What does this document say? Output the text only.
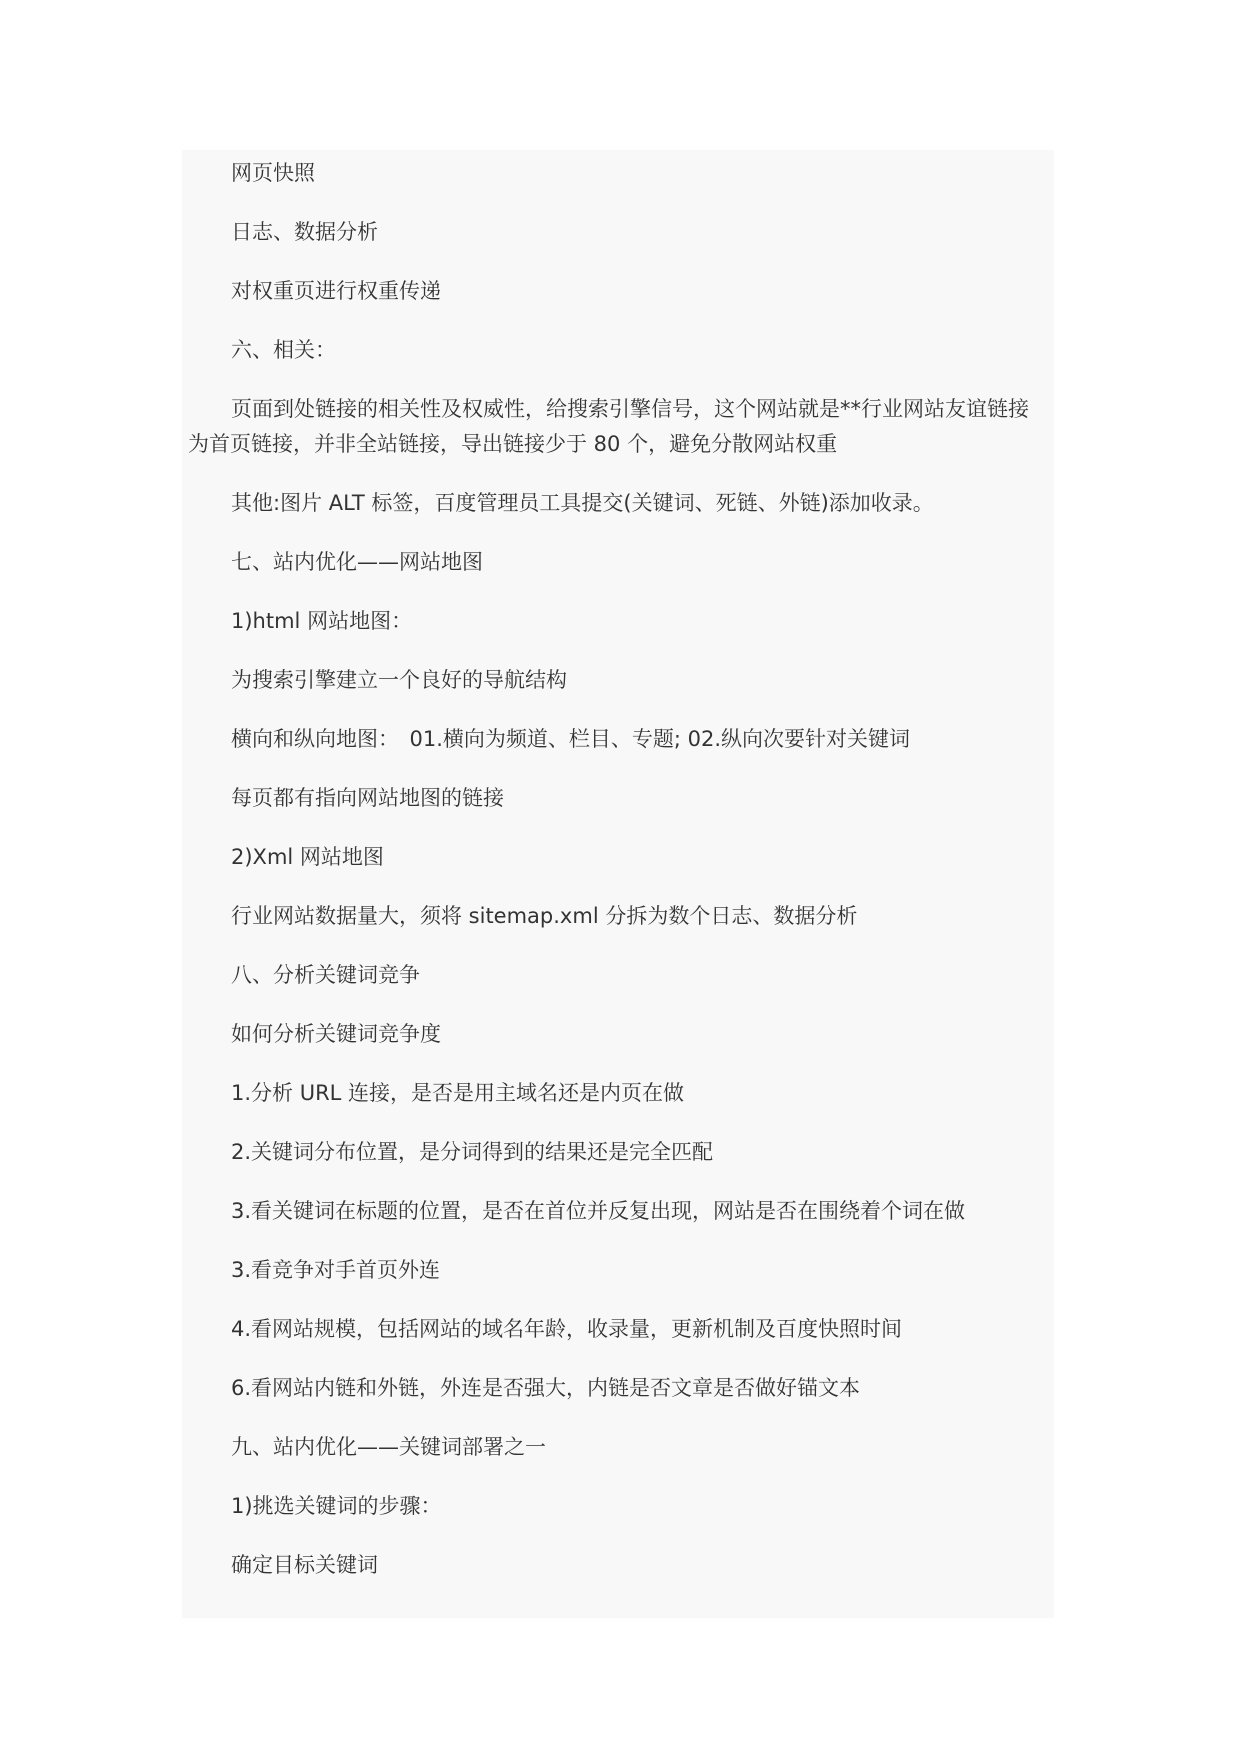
网页快照

日志、数据分析

对权重页进行权重传递

六、相关：

页面到处链接的相关性及权威性，给搜索引擎信号，这个网站就是**行业网站友谊链接为首页链接，并非全站链接，导出链接少于 80 个，避免分散网站权重

其他:图片 ALT 标签，百度管理员工具提交(关键词、死链、外链)添加收录。

七、站内优化——网站地图

1)html 网站地图：

为搜索引擎建立一个良好的导航结构

横向和纵向地图：　01.横向为频道、栏目、专题; 02.纵向次要针对关键词

每页都有指向网站地图的链接

2)Xml 网站地图

行业网站数据量大，须将 sitemap.xml 分拆为数个日志、数据分析

八、分析关键词竞争

如何分析关键词竞争度

1.分析 URL 连接，是否是用主域名还是内页在做

2.关键词分布位置，是分词得到的结果还是完全匹配

3.看关键词在标题的位置，是否在首位并反复出现，网站是否在围绕着个词在做

3.看竞争对手首页外连

4.看网站规模，包括网站的域名年龄，收录量，更新机制及百度快照时间

6.看网站内链和外链，外连是否强大，内链是否文章是否做好锚文本

九、站内优化——关键词部署之一

1)挑选关键词的步骤：

确定目标关键词
